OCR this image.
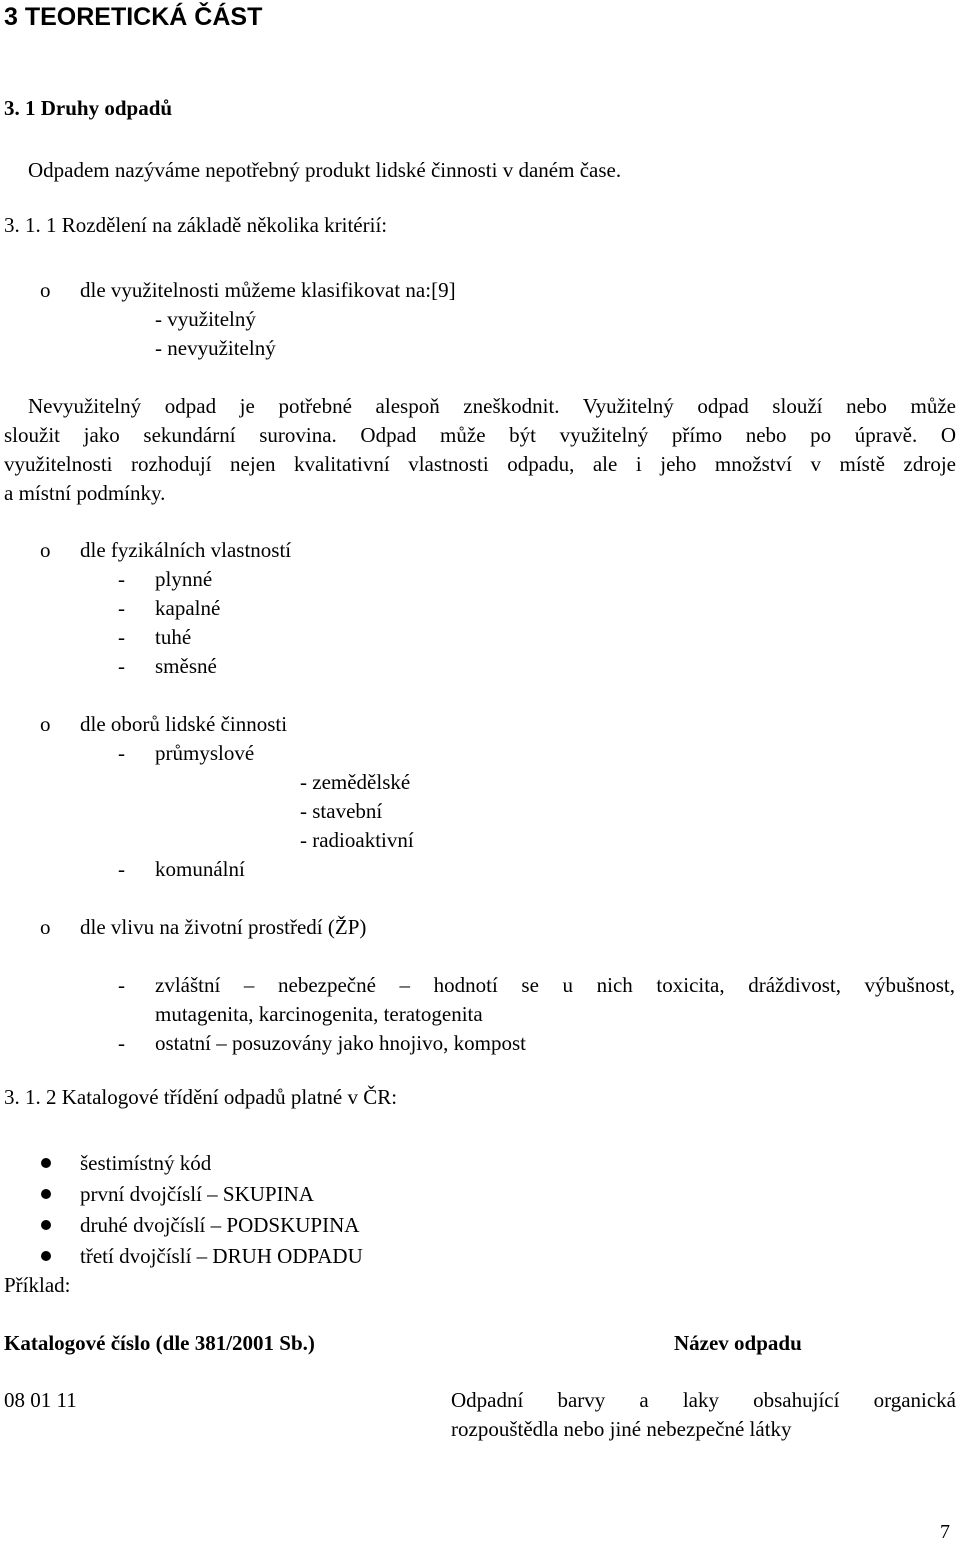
3 TEORETICKÁ ČÁST
3. 1 Druhy odpadů
Odpadem nazýváme nepotřebný produkt lidské činnosti v daném čase.
3. 1. 1 Rozdělení na základě několika kritérií:
o dle využitelnosti můžeme klasifikovat na:[9]
- využitelný
- nevyužitelný
Nevyužitelný odpad je potřebné alespoň zneškodnit. Využitelný odpad slouží nebo může
sloužit jako sekundární surovina. Odpad může být využitelný přímo nebo po úpravě. O
využitelnosti rozhodují nejen kvalitativní vlastnosti odpadu, ale i jeho množství v místě zdroje
a místní podmínky.
o dle fyzikálních vlastností
- plynné
- kapalné
- tuhé
- směsné
o dle oborů lidské činnosti
- průmyslové
- zemědělské
- stavební
- radioaktivní
- komunální
o dle vlivu na životní prostředí (ŽP)
- zvláštní – nebezpečné – hodnotí se u nich toxicita, dráždivost, výbušnost,
mutagenita, karcinogenita, teratogenita
- ostatní – posuzovány jako hnojivo, kompost
3. 1. 2 Katalogové třídění odpadů platné v ČR:
šestimístný kód
první dvojčíslí – SKUPINA
druhé dvojčíslí – PODSKUPINA
třetí dvojčíslí – DRUH ODPADU
Příklad:
Katalogové číslo (dle 381/2001 Sb.)	Název odpadu
08 01 11	Odpadní barvy a laky obsahující organická
rozpouštědla nebo jiné nebezpečné látky
7
